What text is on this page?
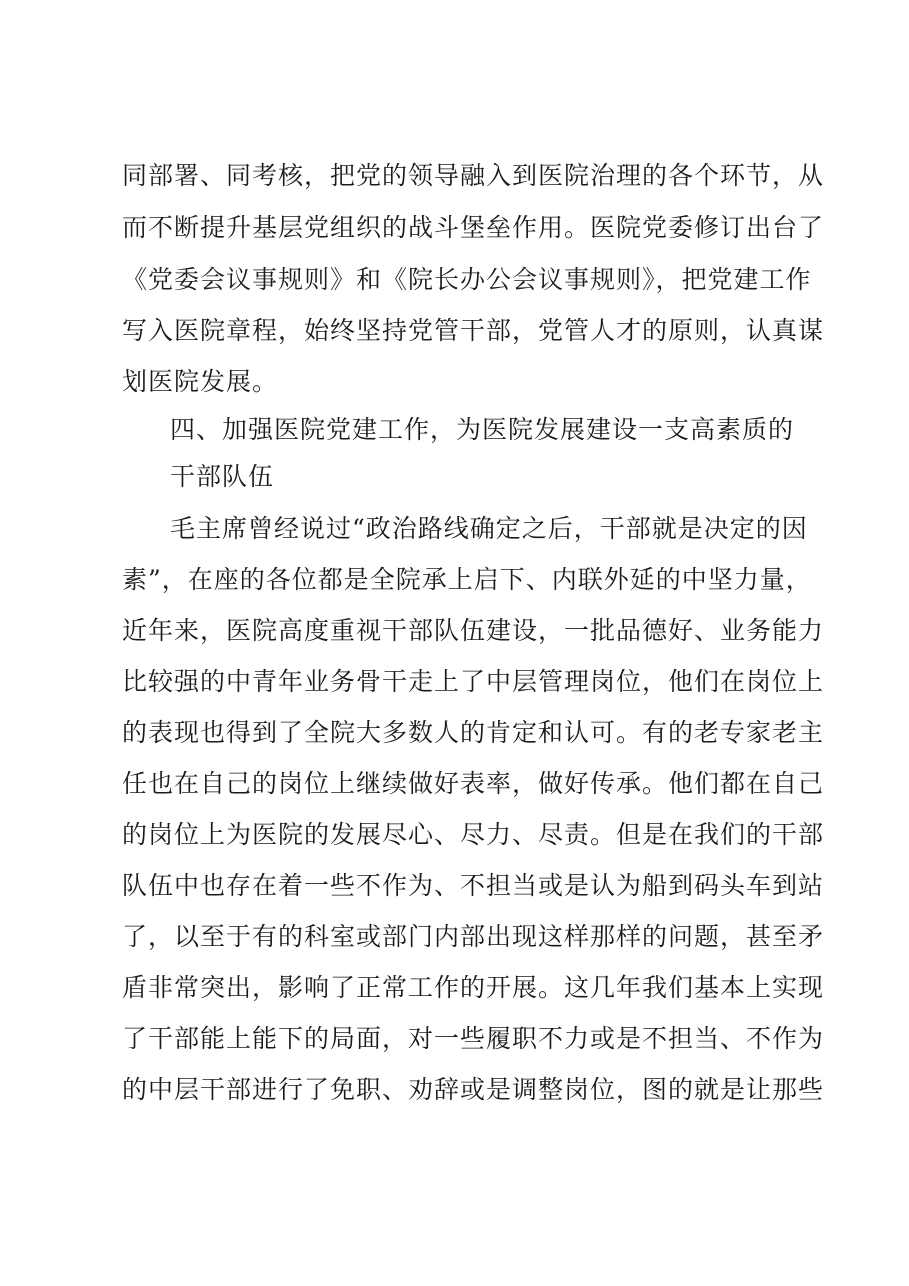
同部署、同考核，把党的领导融入到医院治理的各个环节，从
而不断提升基层党组织的战斗堡垒作用。医院党委修订出台了
《党委会议事规则》和《院长办公会议事规则》，把党建工作
写入医院章程，始终坚持党管干部，党管人才的原则，认真谋
划医院发展。
四、加强医院党建工作，为医院发展建设一支高素质的
干部队伍
毛主席曾经说过“政治路线确定之后，干部就是决定的因
素”，在座的各位都是全院承上启下、内联外延的中坚力量，
近年来，医院高度重视干部队伍建设，一批品德好、业务能力
比较强的中青年业务骨干走上了中层管理岗位，他们在岗位上
的表现也得到了全院大多数人的肯定和认可。有的老专家老主
任也在自己的岗位上继续做好表率，做好传承。他们都在自己
的岗位上为医院的发展尽心、尽力、尽责。但是在我们的干部
队伍中也存在着一些不作为、不担当或是认为船到码头车到站
了，以至于有的科室或部门内部出现这样那样的问题，甚至矛
盾非常突出，影响了正常工作的开展。这几年我们基本上实现
了干部能上能下的局面，对一些履职不力或是不担当、不作为
的中层干部进行了免职、劝辞或是调整岗位，图的就是让那些
